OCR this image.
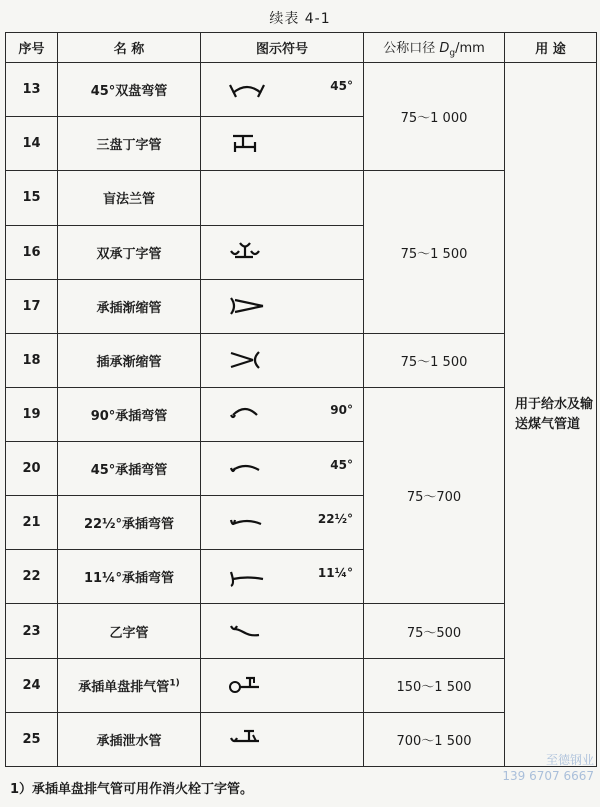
续表 4-1
序号	名 称	图示符号	公称口径 $D_g/mm$	用 途
13	45°双盘弯管	45°	75～1 000	用于给水及输
送煤气管道
14	三盘丁字管	

15	盲法兰管		75～1 500	
16	双承丁字管	

17	承插渐缩管	

18	插承渐缩管		75～1 500	
19	90°承插弯管	90°	75～700	
20	45°承插弯管	45°		

21	22½°承插弯管	22½°		

22	11¼°承插弯管	11¼°		

23	乙字管		75～500	
24	承插单盘排气管$^{1)}$		150～1 500	
25	承插泄水管		700～1 500	
1）承插单盘排气管可用作消火栓丁字管。
至德钢业
139 6707 6667
